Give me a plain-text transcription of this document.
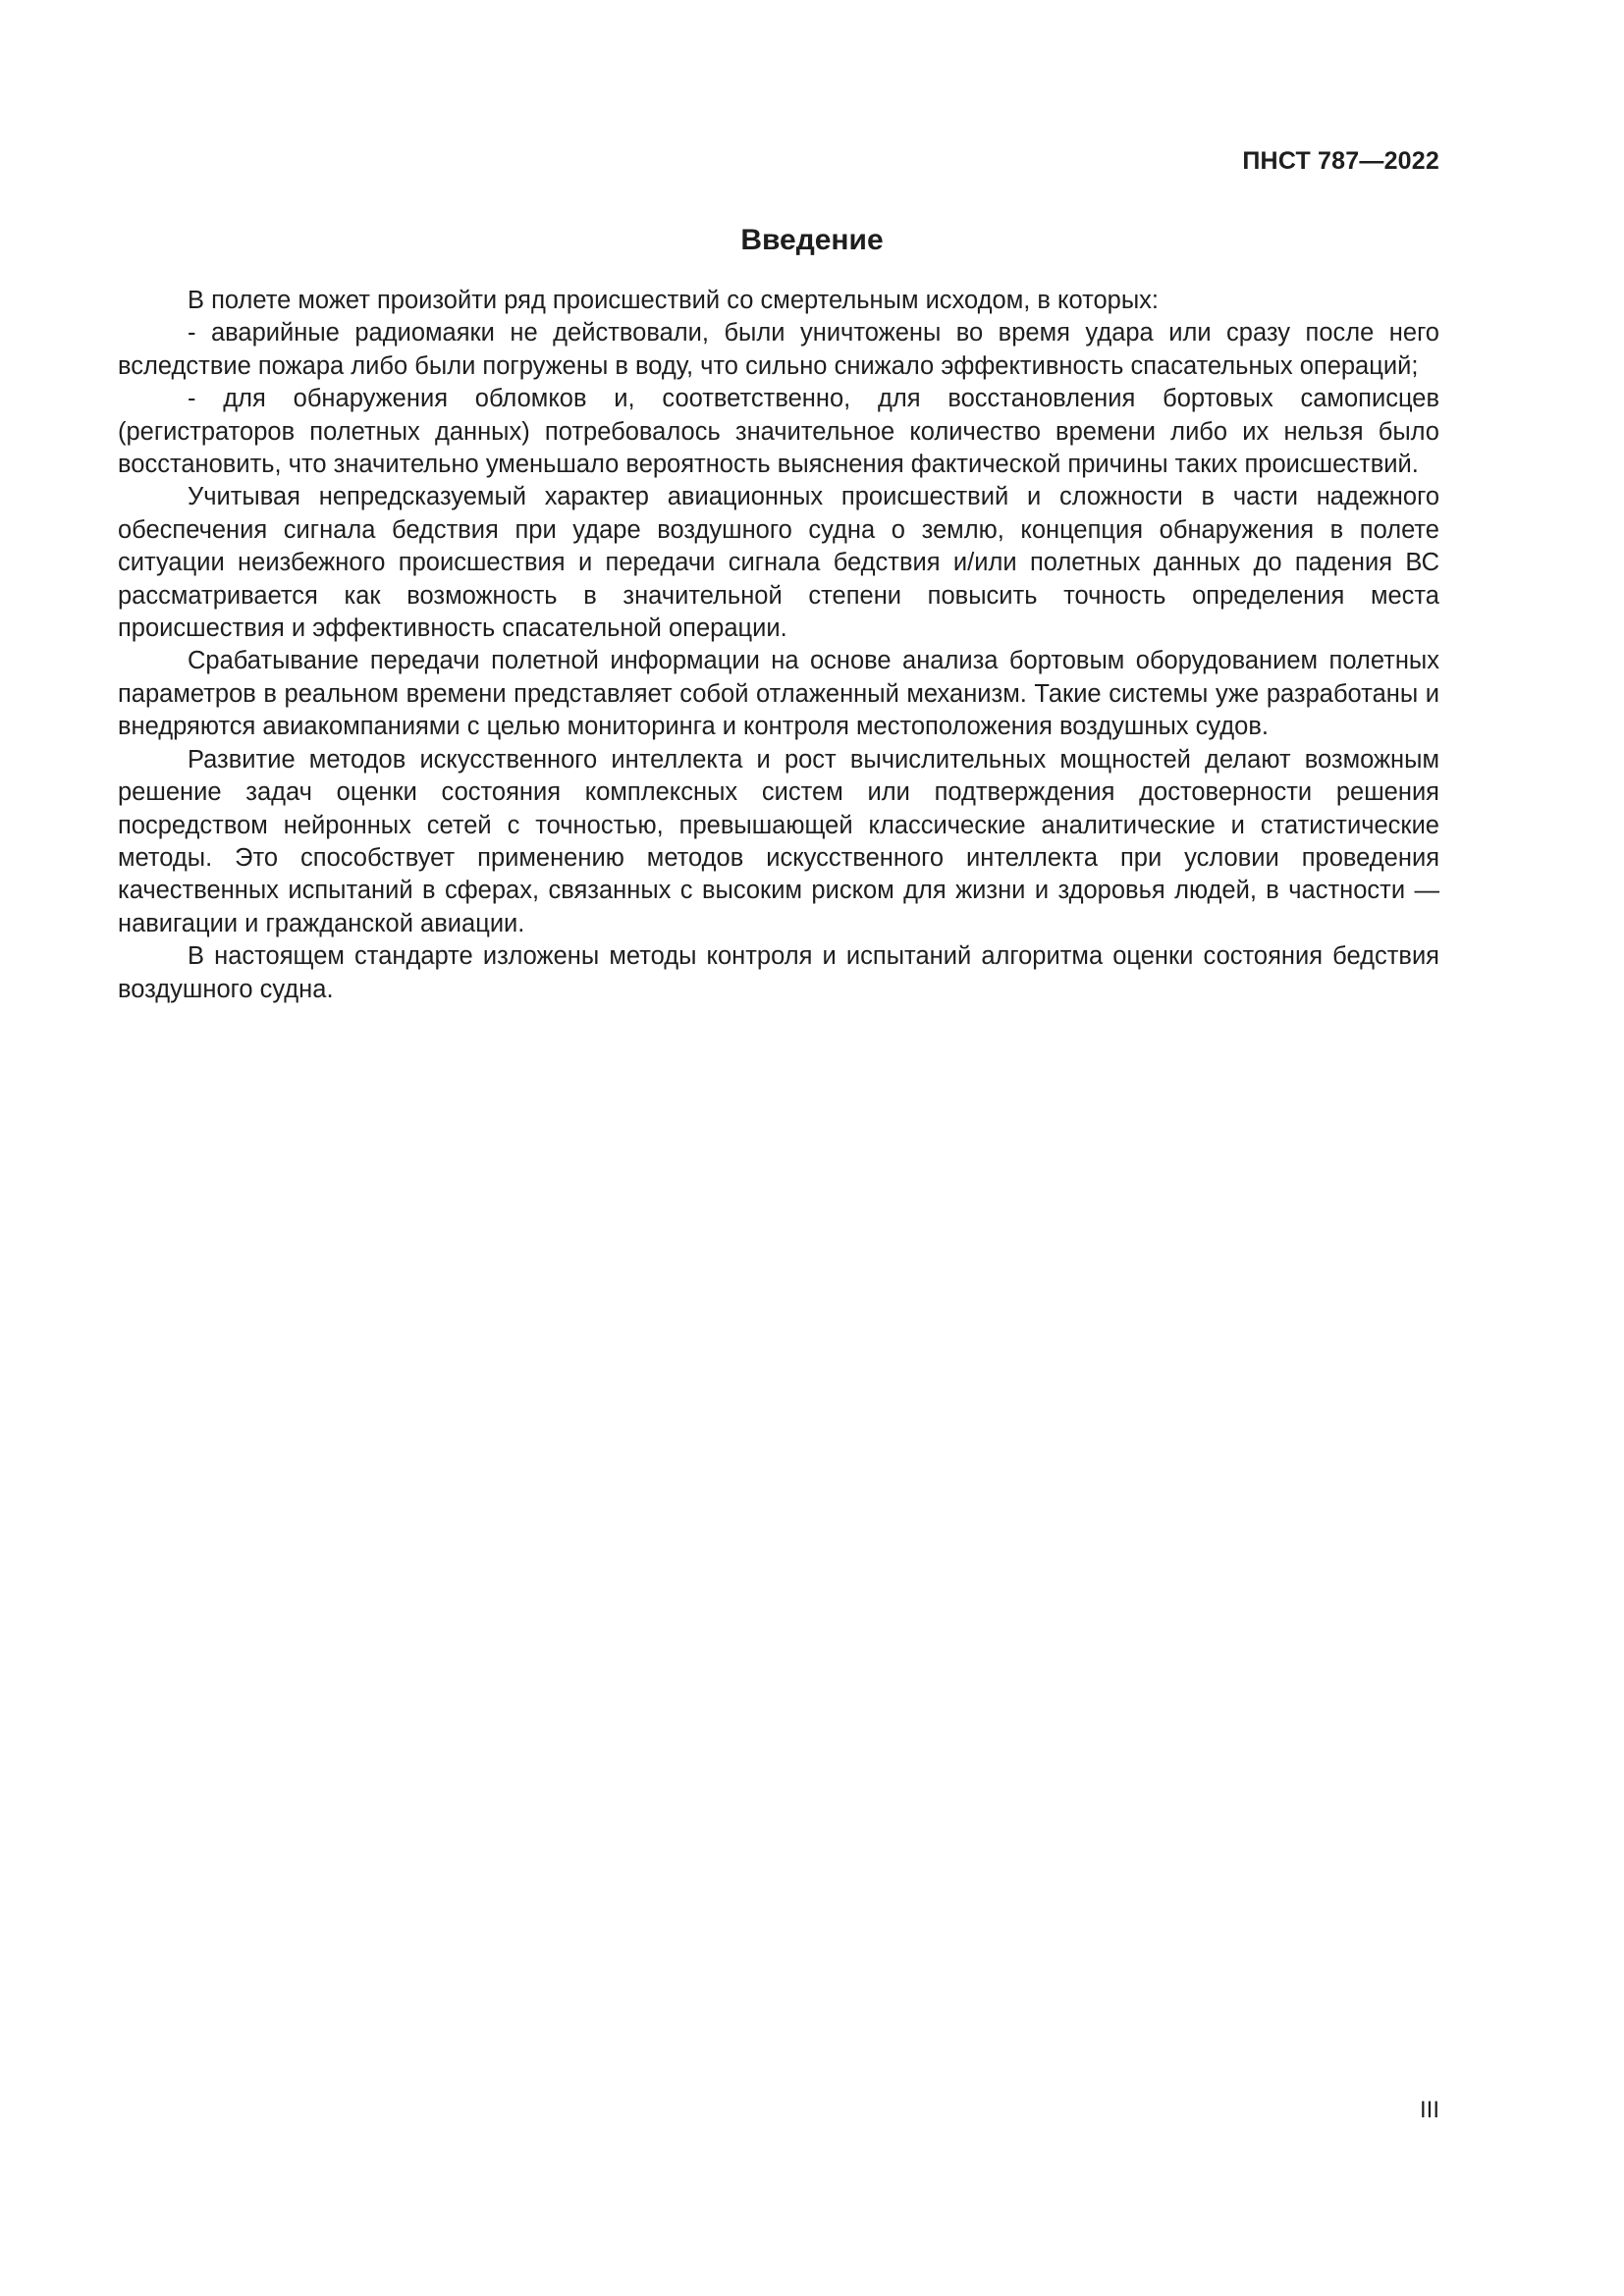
ПНСТ 787—2022
Введение

В полете может произойти ряд происшествий со смертельным исходом, в которых:

- аварийные радиомаяки не действовали, были уничтожены во время удара или сразу после него вследствие пожара либо были погружены в воду, что сильно снижало эффективность спасательных операций;

- для обнаружения обломков и, соответственно, для восстановления бортовых самописцев (регистраторов полетных данных) потребовалось значительное количество времени либо их нельзя было восстановить, что значительно уменьшало вероятность выяснения фактической причины таких происшествий.

Учитывая непредсказуемый характер авиационных происшествий и сложности в части надежного обеспечения сигнала бедствия при ударе воздушного судна о землю, концепция обнаружения в полете ситуации неизбежного происшествия и передачи сигнала бедствия и/или полетных данных до падения ВС рассматривается как возможность в значительной степени повысить точность определения места происшествия и эффективность спасательной операции.

Срабатывание передачи полетной информации на основе анализа бортовым оборудованием полетных параметров в реальном времени представляет собой отлаженный механизм. Такие системы уже разработаны и внедряются авиакомпаниями с целью мониторинга и контроля местоположения воздушных судов.

Развитие методов искусственного интеллекта и рост вычислительных мощностей делают возможным решение задач оценки состояния комплексных систем или подтверждения достоверности решения посредством нейронных сетей с точностью, превышающей классические аналитические и статистические методы. Это способствует применению методов искусственного интеллекта при условии проведения качественных испытаний в сферах, связанных с высоким риском для жизни и здоровья людей, в частности — навигации и гражданской авиации.

В настоящем стандарте изложены методы контроля и испытаний алгоритма оценки состояния бедствия воздушного судна.

III
